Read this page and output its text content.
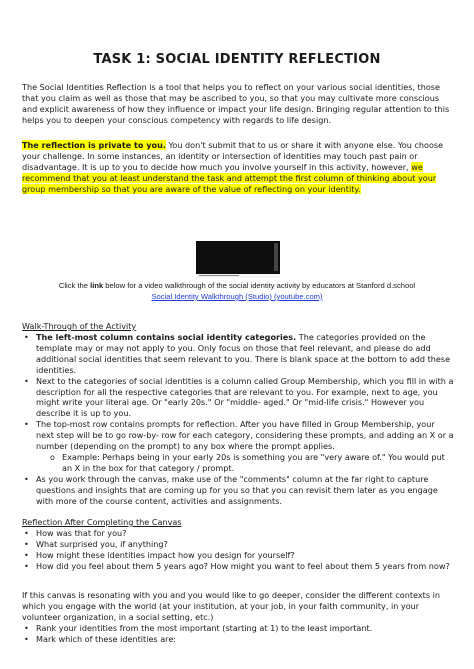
TASK 1: SOCIAL IDENTITY REFLECTION

The Social Identities Reflection is a tool that helps you to reflect on your various social identities, those that you claim as well as those that may be ascribed to you, so that you may cultivate more conscious and explicit awareness of how they influence or impact your life design. Bringing regular attention to this helps you to deepen your conscious competency with regards to life design.

The reflection is private to you. You don't submit that to us or share it with anyone else. You choose your challenge. In some instances, an identity or intersection of identities may touch past pain or disadvantage. It is up to you to decide how much you involve yourself in this activity, however, we recommend that you at least understand the task and attempt the first column of thinking about your group membership so that you are aware of the value of reflecting on your identity.

Click the link below for a video walkthrough of the social identity activity by educators at Stanford d.school
Social Identity Walkthrough (Studio) (youtube.com)
Walk-Through of the Activity
• The left-most column contains social identity categories. The categories provided on the template may or may not apply to you. Only focus on those that feel relevant, and please do add additional social identities that seem relevant to you. There is blank space at the bottom to add these identities.
• Next to the categories of social identities is a column called Group Membership, which you fill in with a description for all the respective categories that are relevant to you. For example, next to age, you might write your literal age. Or "early 20s." Or "middle- aged." Or "mid-life crisis." However you describe it is up to you.
• The top-most row contains prompts for reflection. After you have filled in Group Membership, your next step will be to go row-by- row for each category, considering these prompts, and adding an X or a number (depending on the prompt) to any box where the prompt applies.
o Example: Perhaps being in your early 20s is something you are "very aware of." You would put an X in the box for that category / prompt.
• As you work through the canvas, make use of the "comments" column at the far right to capture questions and insights that are coming up for you so that you can revisit them later as you engage with more of the course content, activities and assignments.
Reflection After Completing the Canvas
• How was that for you?
• What surprised you, if anything?
• How might these identities impact how you design for yourself?
• How did you feel about them 5 years ago? How might you want to feel about them 5 years from now?

If this canvas is resonating with you and you would like to go deeper, consider the different contexts in which you engage with the world (at your institution, at your job, in your faith community, in your volunteer organization, in a social setting, etc.)

• Rank your identities from the most important (starting at 1) to the least important.
• Mark which of these identities are:
